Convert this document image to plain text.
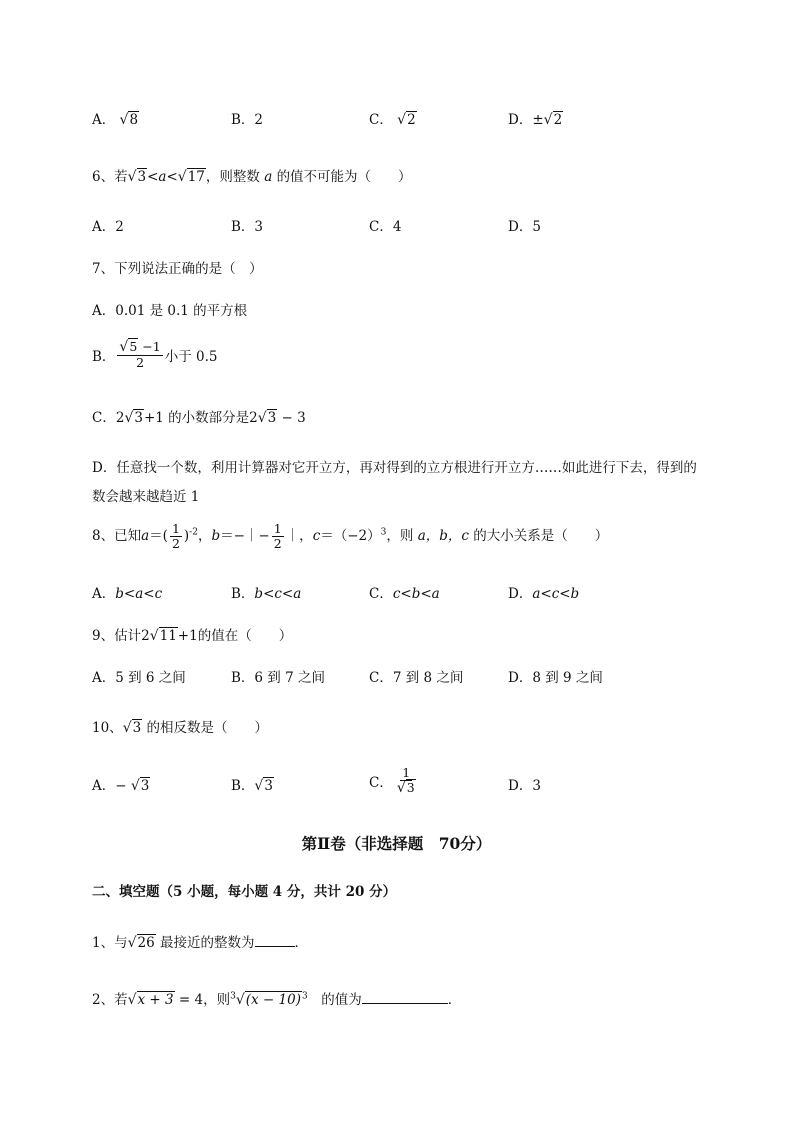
A． √8	B．2	C． √2	D．±√2
6、若√3<a<√17，则整数 a 的值不可能为（　　）
A．2	B．3	C．4	D．5
7、下列说法正确的是（　）
A．0.01 是 0.1 的平方根
B． $\frac{√5 -1}{2}$ 小于 0.5
C．2√3+1 的小数部分是2√3 − 3
D．任意找一个数，利用计算器对它开立方，再对得到的立方根进行开立方……如此进行下去，得到的
数会越来越趋近 1
8、已知$a=( \frac{1}{2} )^{-2}$，b＝−｜− $\frac{1}{2}$ ｜，$c=(-2)^3$，则 a，b，c 的大小关系是（　　）
A．b<a<c	B．b<c<a	C．c<b<a	D．a<c<b
9、估计2√11+1的值在（　　）
A．5 到 6 之间	B．6 到 7 之间	C．7 到 8 之间	D．8 到 9 之间
10、√3 的相反数是（　　）
A．− √3	B．√3	C． $\frac{1}{√3}$	D．3
第Ⅱ卷（非选择题　70分）
二、填空题（5 小题，每小题 4 分，共计 20 分）
1、与√26 最接近的整数为	．
2、若√x + 3 = 4，则$^3√(x - 10)^3$　 的值为	．
